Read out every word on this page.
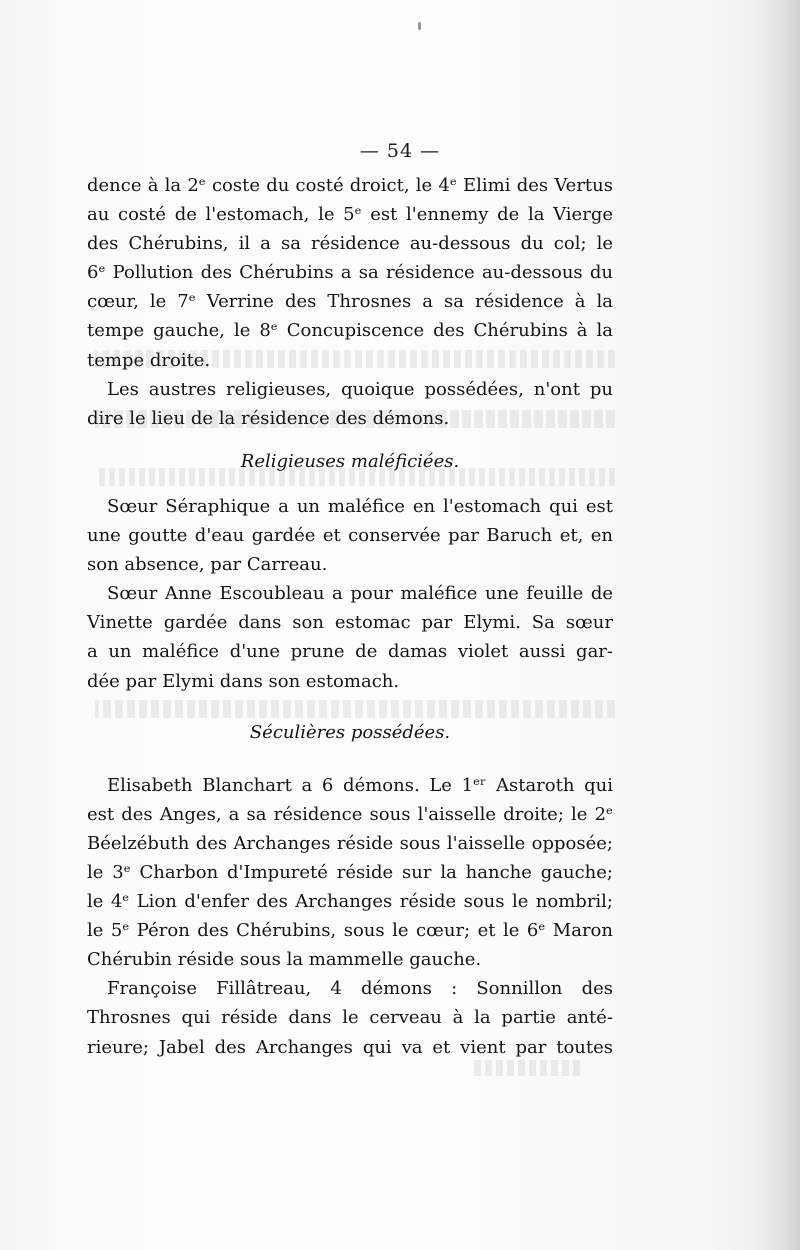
— 54 —
dence à la 2ᵉ coste du costé droict, le 4ᵉ Elimi des Vertus
au costé de l'estomach, le 5ᵉ est l'ennemy de la Vierge
des Chérubins, il a sa résidence au-dessous du col; le
6ᵉ Pollution des Chérubins a sa résidence au-dessous du
cœur, le 7ᵉ Verrine des Throsnes a sa résidence à la
tempe gauche, le 8ᵉ Concupiscence des Chérubins à la
tempe droite.
Les austres religieuses, quoique possédées, n'ont pu
dire le lieu de la résidence des démons.
Religieuses maléficiées.
Sœur Séraphique a un maléfice en l'estomach qui est
une goutte d'eau gardée et conservée par Baruch et, en
son absence, par Carreau.
Sœur Anne Escoubleau a pour maléfice une feuille de
Vinette gardée dans son estomac par Elymi. Sa sœur
a un maléfice d'une prune de damas violet aussi gar-
dée par Elymi dans son estomach.
Séculières possédées.
Elisabeth Blanchart a 6 démons. Le 1ᵉʳ Astaroth qui
est des Anges, a sa résidence sous l'aisselle droite; le 2ᵉ
Béelzébuth des Archanges réside sous l'aisselle opposée;
le 3ᵉ Charbon d'Impureté réside sur la hanche gauche;
le 4ᵉ Lion d'enfer des Archanges réside sous le nombril;
le 5ᵉ Péron des Chérubins, sous le cœur; et le 6ᵉ Maron
Chérubin réside sous la mammelle gauche.
Françoise Fillâtreau, 4 démons : Sonnillon des
Throsnes qui réside dans le cerveau à la partie anté-
rieure; Jabel des Archanges qui va et vient par toutes
